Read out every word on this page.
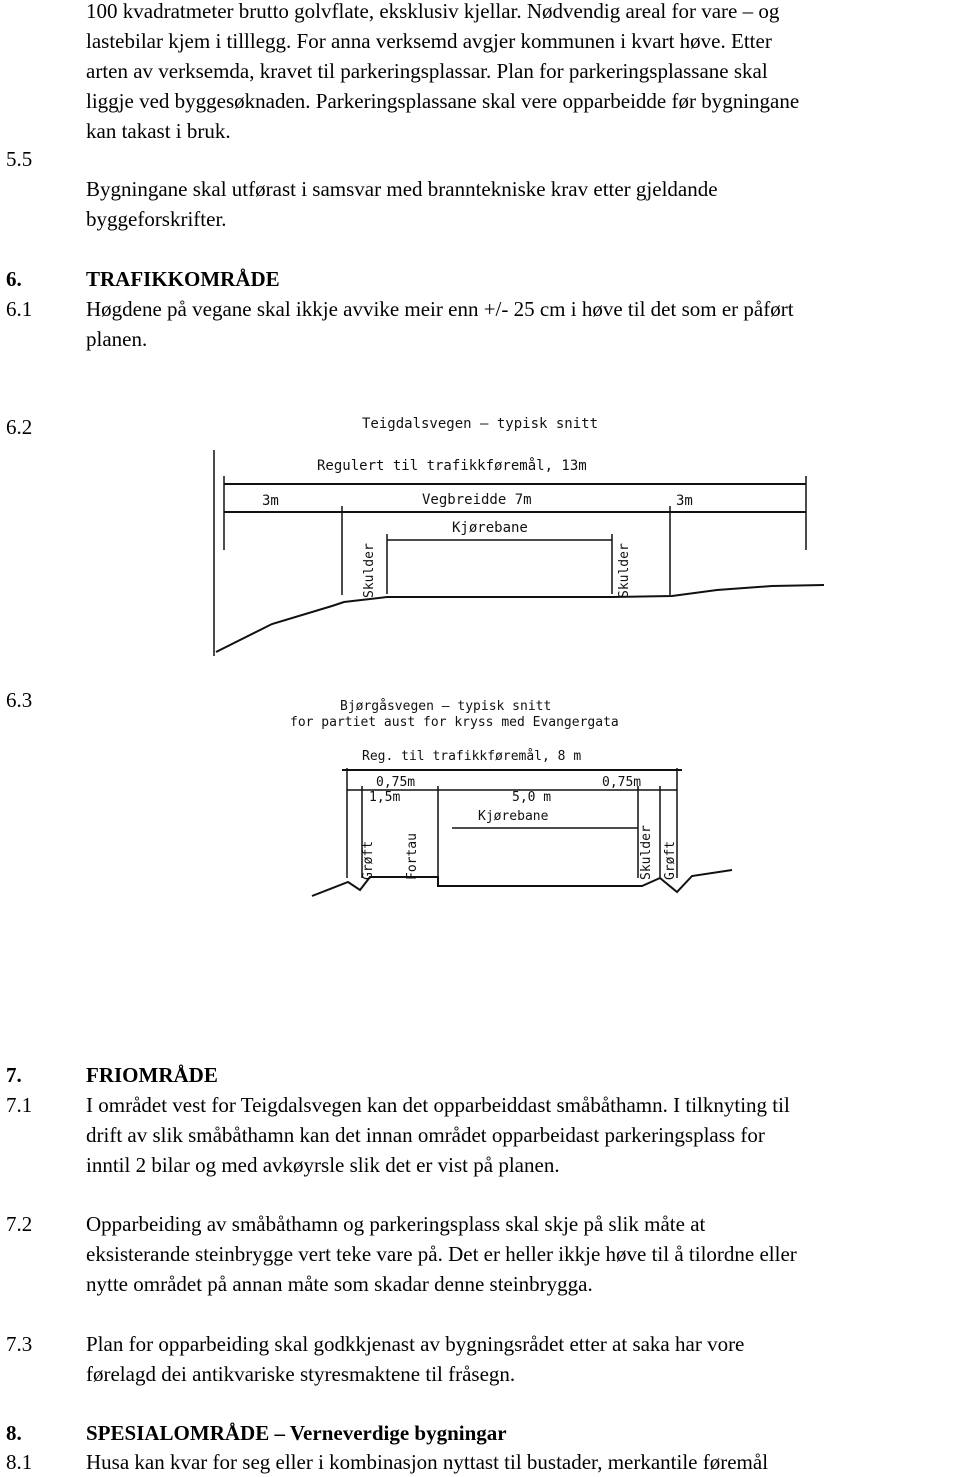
100 kvadratmeter brutto golvflate, eksklusiv kjellar. Nødvendig areal for vare – og
lastebilar kjem i tilllegg. For anna verksemd avgjer kommunen i kvart høve. Etter
arten av verksemda, kravet til parkeringsplassar. Plan for parkeringsplassane skal
liggje ved byggesøknaden. Parkeringsplassane skal vere opparbeidde før bygningane
kan takast i bruk.
5.5
Bygningane skal utførast i samsvar med branntekniske krav etter gjeldande
byggeforskrifter.
6.	TRAFIKKOMRÅDE
6.1	Høgdene på vegane skal ikkje avvike meir enn +/- 25 cm i høve til det som er påført
planen.
6.2	Teigdalsvegen – typisk snitt
Regulert til trafikkføremål, 13m
3m	Vegbreidde 7m	3m
Kjørebane
Skulder	Skulder
6.3	Bjørgåsvegen – typisk snitt
for partiet aust for kryss med Evangergata
Reg. til trafikkføremål, 8 m
0,75m	0,75m
1,5m	5,0 m
Kjørebane
Grøft Fortau	Skulder Grøft
7.	FRIOMRÅDE
7.1	I området vest for Teigdalsvegen kan det opparbeiddast småbåthamn. I tilknyting til
drift av slik småbåthamn kan det innan området opparbeidast parkeringsplass for
inntil 2 bilar og med avkøyrsle slik det er vist på planen.
7.2	Opparbeiding av småbåthamn og parkeringsplass skal skje på slik måte at
eksisterande steinbrygge vert teke vare på. Det er heller ikkje høve til å tilordne eller
nytte området på annan måte som skadar denne steinbrygga.
7.3	Plan for opparbeiding skal godkkjenast av bygningsrådet etter at saka har vore
førelagd dei antikvariske styresmaktene til fråsegn.
8.	SPESIALOMRÅDE – Verneverdige bygningar
8.1	Husa kan kvar for seg eller i kombinasjon nyttast til bustader, merkantile føremål
